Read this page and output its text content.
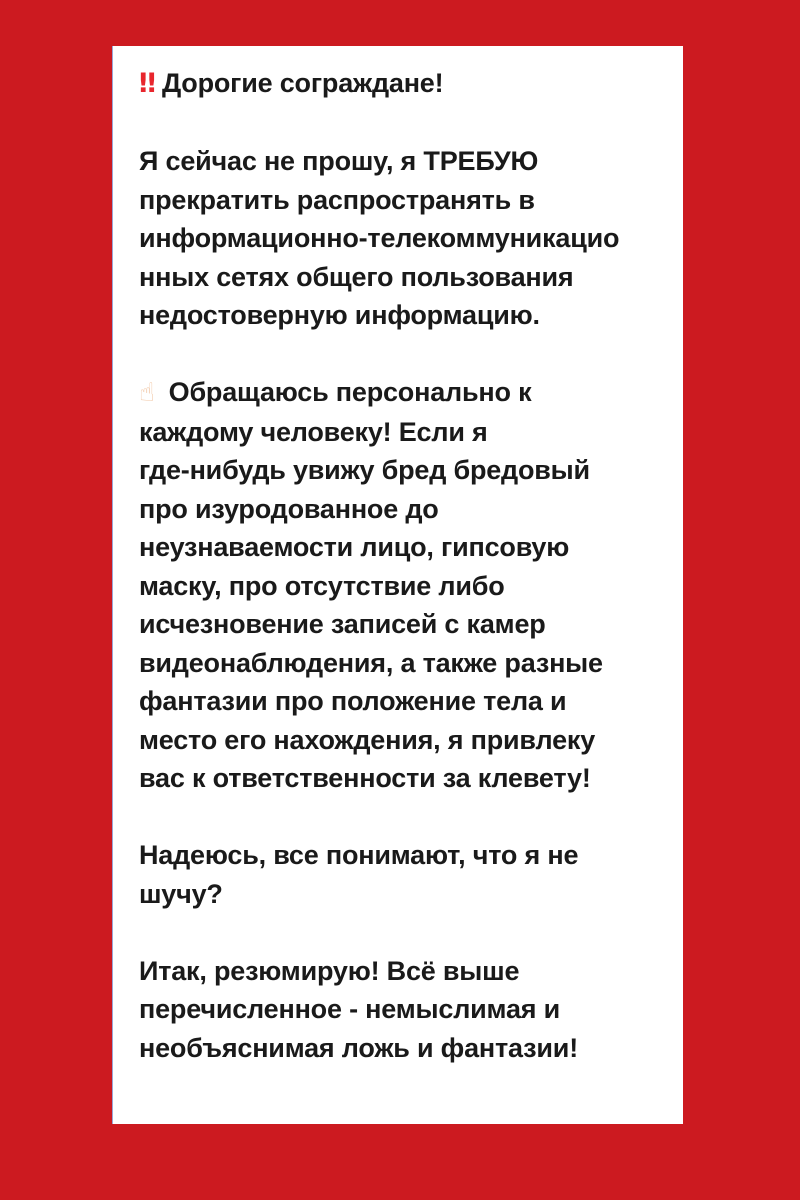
‼ Дорогие сограждане!
Я сейчас не прошу, я ТРЕБУЮ
прекратить распространять в
информационно-телекоммуникацио
нных сетях общего пользования
недостоверную информацию.
☝ Обращаюсь персонально к
каждому человеку! Если я
где-нибудь увижу бред бредовый
про изуродованное до
неузнаваемости лицо, гипсовую
маску, про отсутствие либо
исчезновение записей с камер
видеонаблюдения, а также разные
фантазии про положение тела и
место его нахождения, я привлеку
вас к ответственности за клевету!
Надеюсь, все понимают, что я не
шучу?
Итак, резюмирую! Всё выше
перечисленное - немыслимая и
необъяснимая ложь и фантазии!
